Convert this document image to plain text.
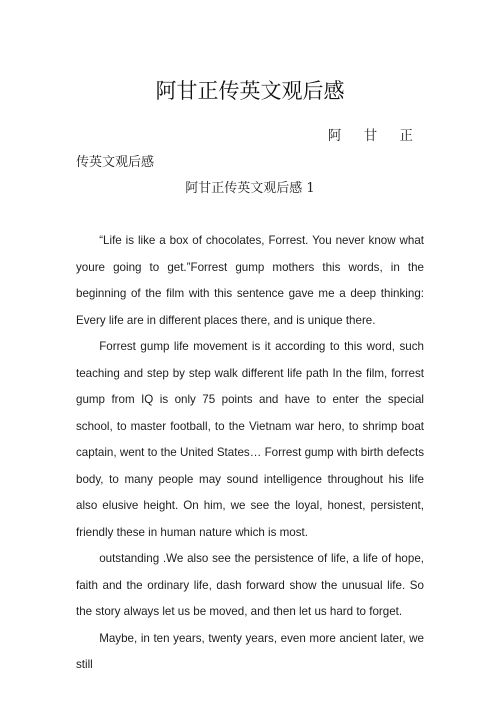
阿甘正传英文观后感
阿 甘 正
传英文观后感
阿甘正传英文观后感 1

“Life is like a box of chocolates, Forrest. You never know what youre going to get.”Forrest gump mothers this words, in the beginning of the film with this sentence gave me a deep thinking: Every life are in different places there, and is unique there.

Forrest gump life movement is it according to this word, such teaching and step by step walk different life path In the film, forrest gump from IQ is only 75 points and have to enter the special school, to master football, to the Vietnam war hero, to shrimp boat captain, went to the United States… Forrest gump with birth defects body, to many people may sound intelligence throughout his life also elusive height. On him, we see the loyal, honest, persistent, friendly these in human nature which is most.

outstanding .We also see the persistence of life, a life of hope, faith and the ordinary life, dash forward show the unusual life. So the story always let us be moved, and then let us hard to forget.

Maybe, in ten years, twenty years, even more ancient later, we still
